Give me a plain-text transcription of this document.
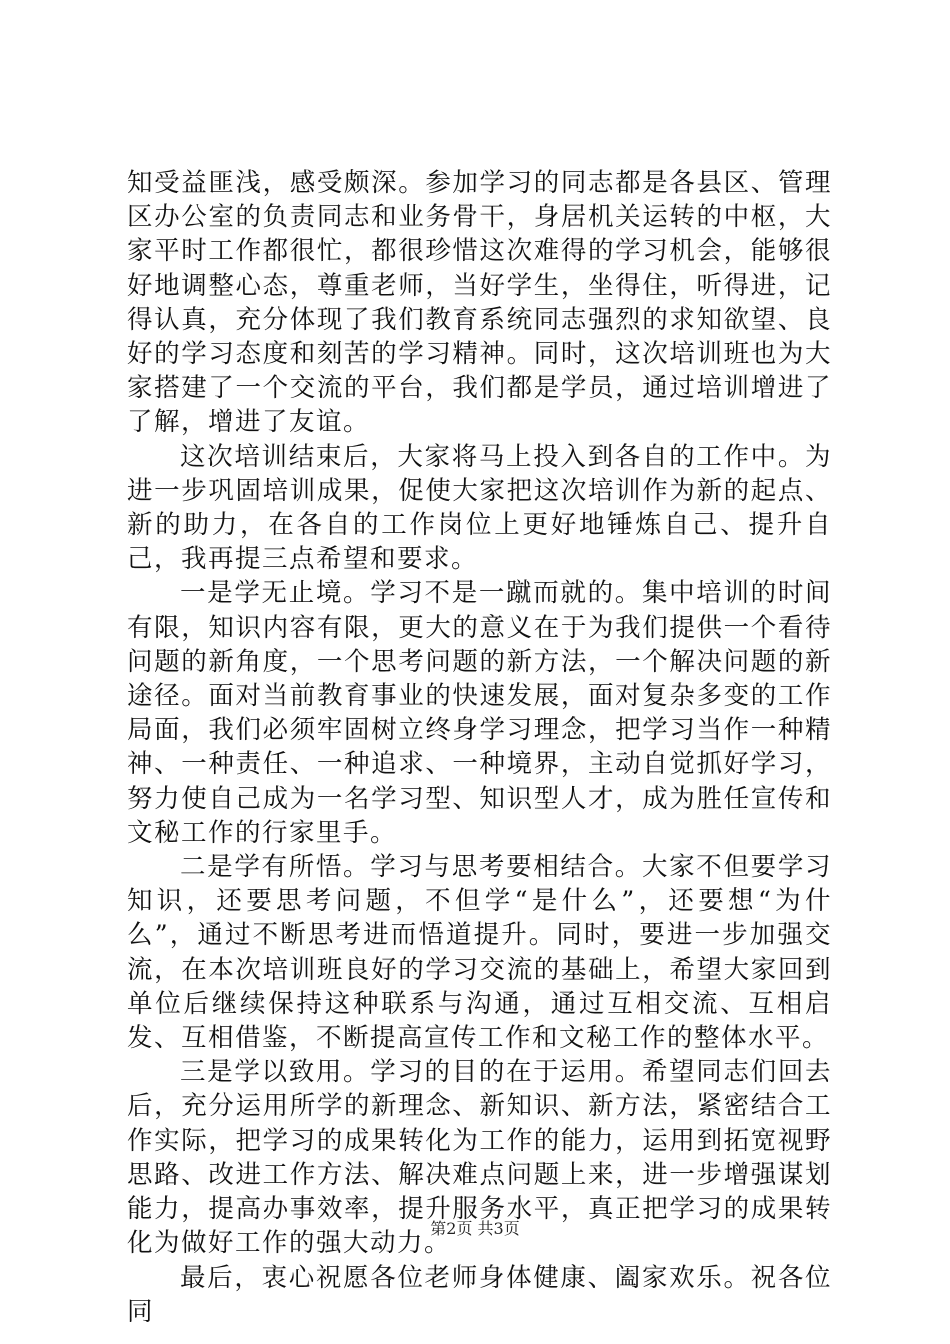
知受益匪浅，感受颇深。参加学习的同志都是各县区、管理区办公室的负责同志和业务骨干，身居机关运转的中枢，大家平时工作都很忙，都很珍惜这次难得的学习机会，能够很好地调整心态，尊重老师，当好学生，坐得住，听得进，记得认真，充分体现了我们教育系统同志强烈的求知欲望、良好的学习态度和刻苦的学习精神。同时，这次培训班也为大家搭建了一个交流的平台，我们都是学员，通过培训增进了了解，增进了友谊。

这次培训结束后，大家将马上投入到各自的工作中。为进一步巩固培训成果，促使大家把这次培训作为新的起点、新的助力，在各自的工作岗位上更好地锤炼自己、提升自己，我再提三点希望和要求。

一是学无止境。学习不是一蹴而就的。集中培训的时间有限，知识内容有限，更大的意义在于为我们提供一个看待问题的新角度，一个思考问题的新方法，一个解决问题的新途径。面对当前教育事业的快速发展，面对复杂多变的工作局面，我们必须牢固树立终身学习理念，把学习当作一种精神、一种责任、一种追求、一种境界，主动自觉抓好学习，努力使自己成为一名学习型、知识型人才，成为胜任宣传和文秘工作的行家里手。

二是学有所悟。学习与思考要相结合。大家不但要学习知识，还要思考问题，不但学“是什么”，还要想“为什么”，通过不断思考进而悟道提升。同时，要进一步加强交流，在本次培训班良好的学习交流的基础上，希望大家回到单位后继续保持这种联系与沟通，通过互相交流、互相启发、互相借鉴，不断提高宣传工作和文秘工作的整体水平。

三是学以致用。学习的目的在于运用。希望同志们回去后，充分运用所学的新理念、新知识、新方法，紧密结合工作实际，把学习的成果转化为工作的能力，运用到拓宽视野思路、改进工作方法、解决难点问题上来，进一步增强谋划能力，提高办事效率，提升服务水平，真正把学习的成果转化为做好工作的强大动力。

最后，衷心祝愿各位老师身体健康、阖家欢乐。祝各位同

第2页 共3页
